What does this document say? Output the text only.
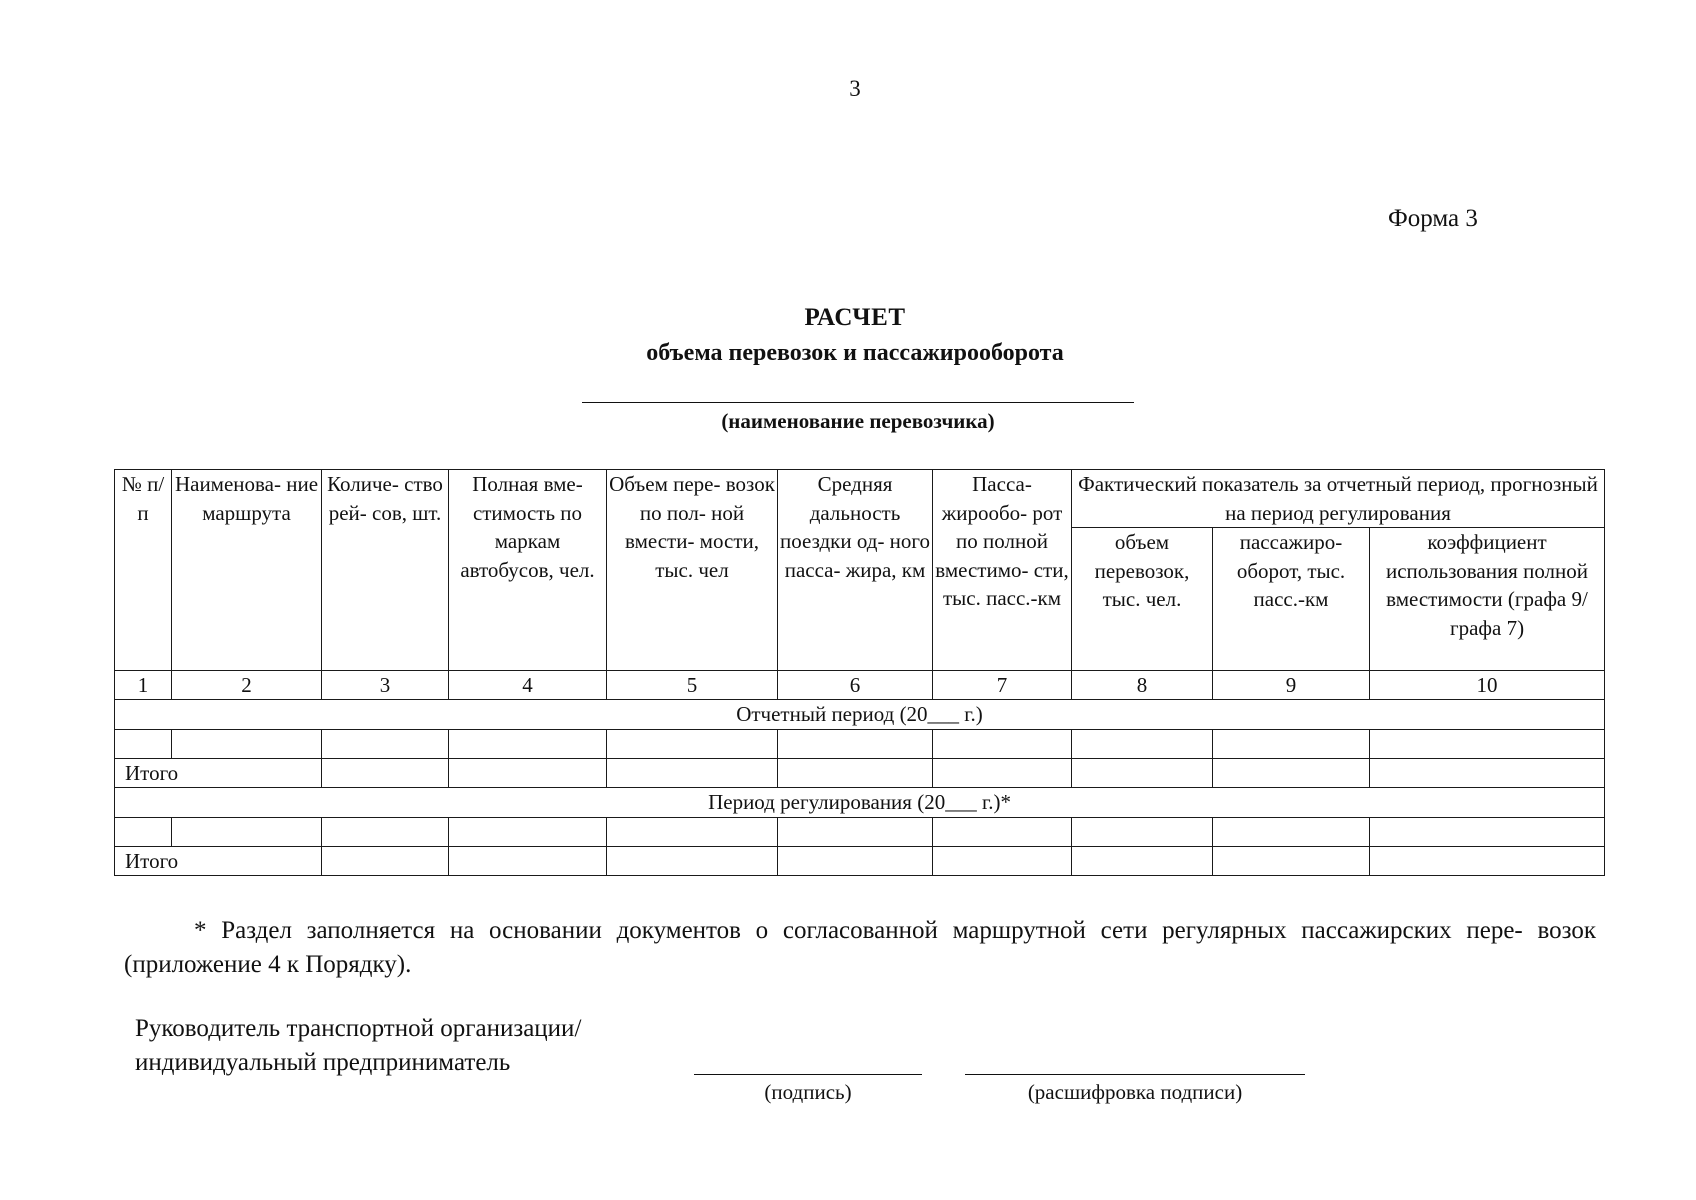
3
Форма 3
РАСЧЕТ
объема перевозок и пассажирооборота
(наименование перевозчика)
№ п/п	Наименова- ние маршрута	Количе- ство рей- сов, шт.	Полная вме- стимость по маркам автобусов, чел.	Объем пере- возок по пол- ной вмести- мости, тыс. чел	Средняя дальность поездки од- ного пасса- жира, км	Пасса- жирообо- рот по полной вместимо- сти, тыс. пасс.-км	Фактический показатель за отчетный период, прогнозный на период регулирования		
							объем перевозок, тыс. чел.	пассажиро- оборот, тыс. пасс.-км	коэффициент использования полной вместимости (графа 9/ графа 7)
1	2	3	4	5	6	7	8	9	10
Отчетный период (20___ г.)									

Итого									
Период регулирования (20___ г.)*									

Итого									
* Раздел заполняется на основании документов о согласованной маршрутной сети регулярных пассажирских пере- возок (приложение 4 к Порядку).
Руководитель транспортной организации/
индивидуальный предприниматель
(подпись)	(расшифровка подписи)
